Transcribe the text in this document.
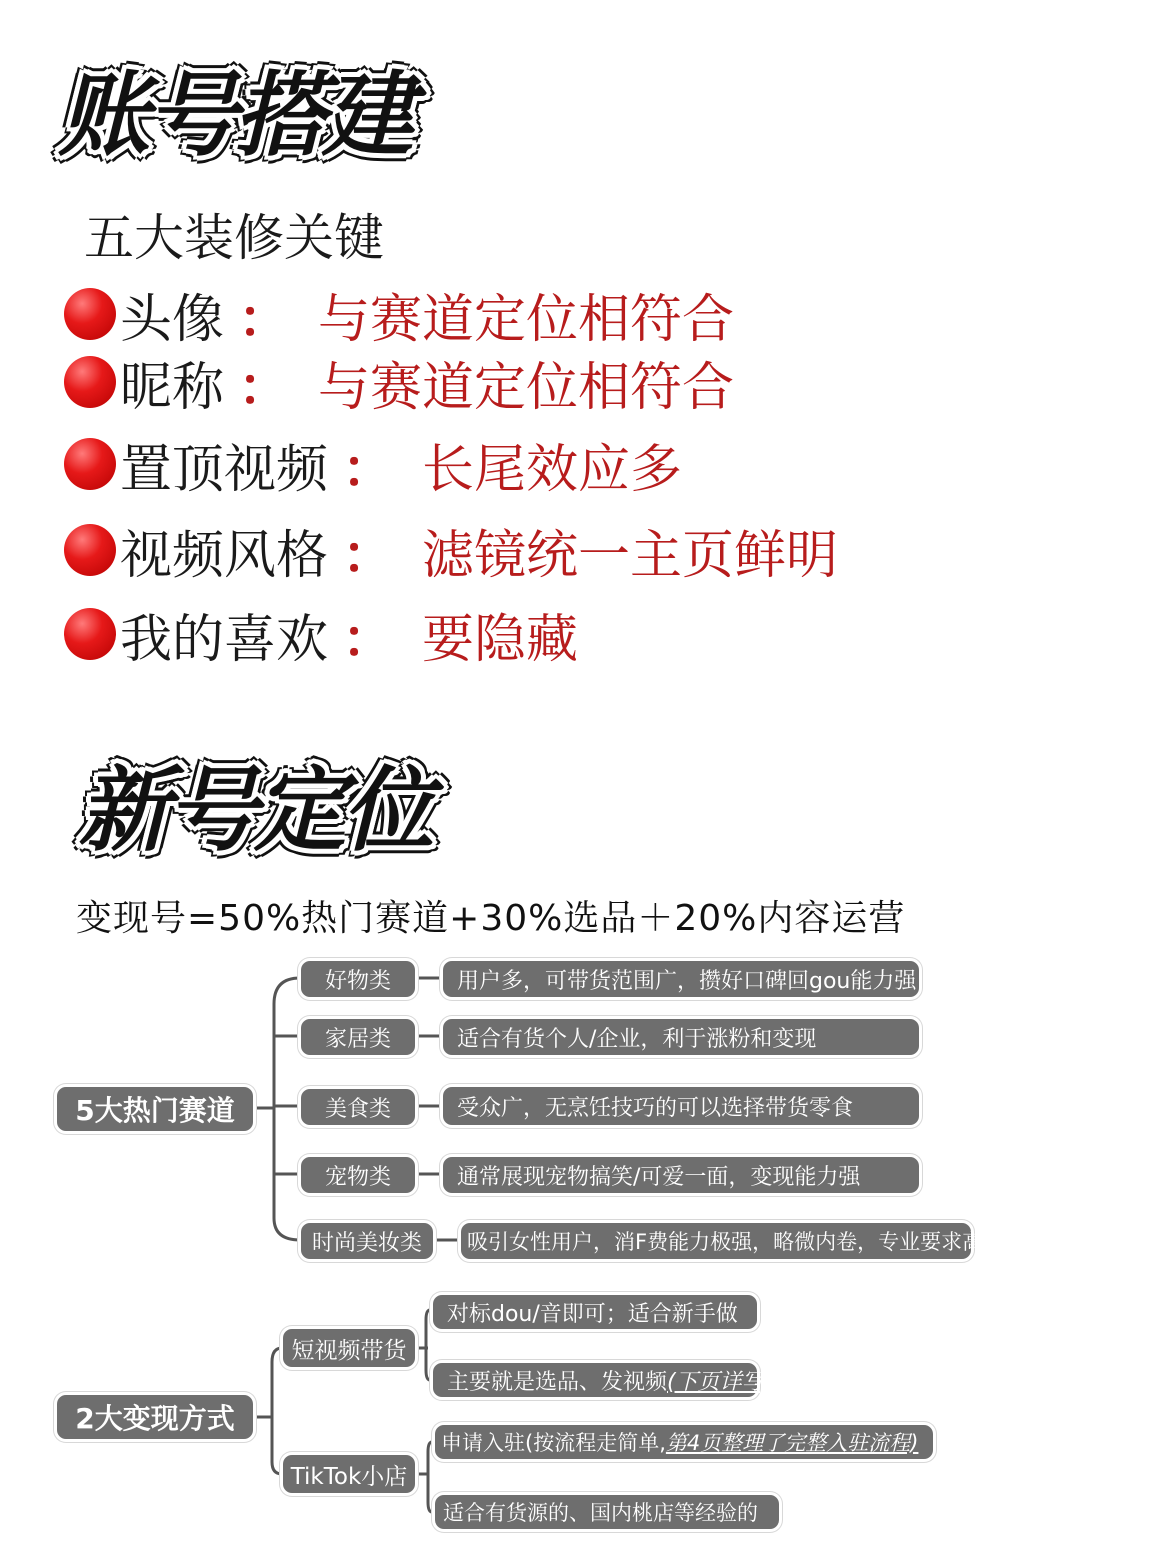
账号搭建
五大装修关键
头像 ： 与赛道定位相符合
昵称 ： 与赛道定位相符合
置顶视频 ： 长尾效应多
视频风格 ： 滤镜统一主页鲜明
我的喜欢 ： 要隐藏
新号定位
变现号=50%热门赛道+30%选品＋20%内容运营
5大热门赛道
好物类	用户多，可带货范围广，攒好口碑回gou能力强
家居类	适合有货个人/企业，利于涨粉和变现
美食类	受众广，无烹饪技巧的可以选择带货零食
宠物类	通常展现宠物搞笑/可爱一面，变现能力强
时尚美妆类	吸引女性用户，消F费能力极强，略微内卷，专业要求高
2大变现方式
短视频带货
对标dou/音即可；适合新手做
主要就是选品、发视频 (下页详写)
TikTok小店
申请入驻(按流程走简单, 第4页整理了完整入驻流程)
适合有货源的、国内桃店等经验的
